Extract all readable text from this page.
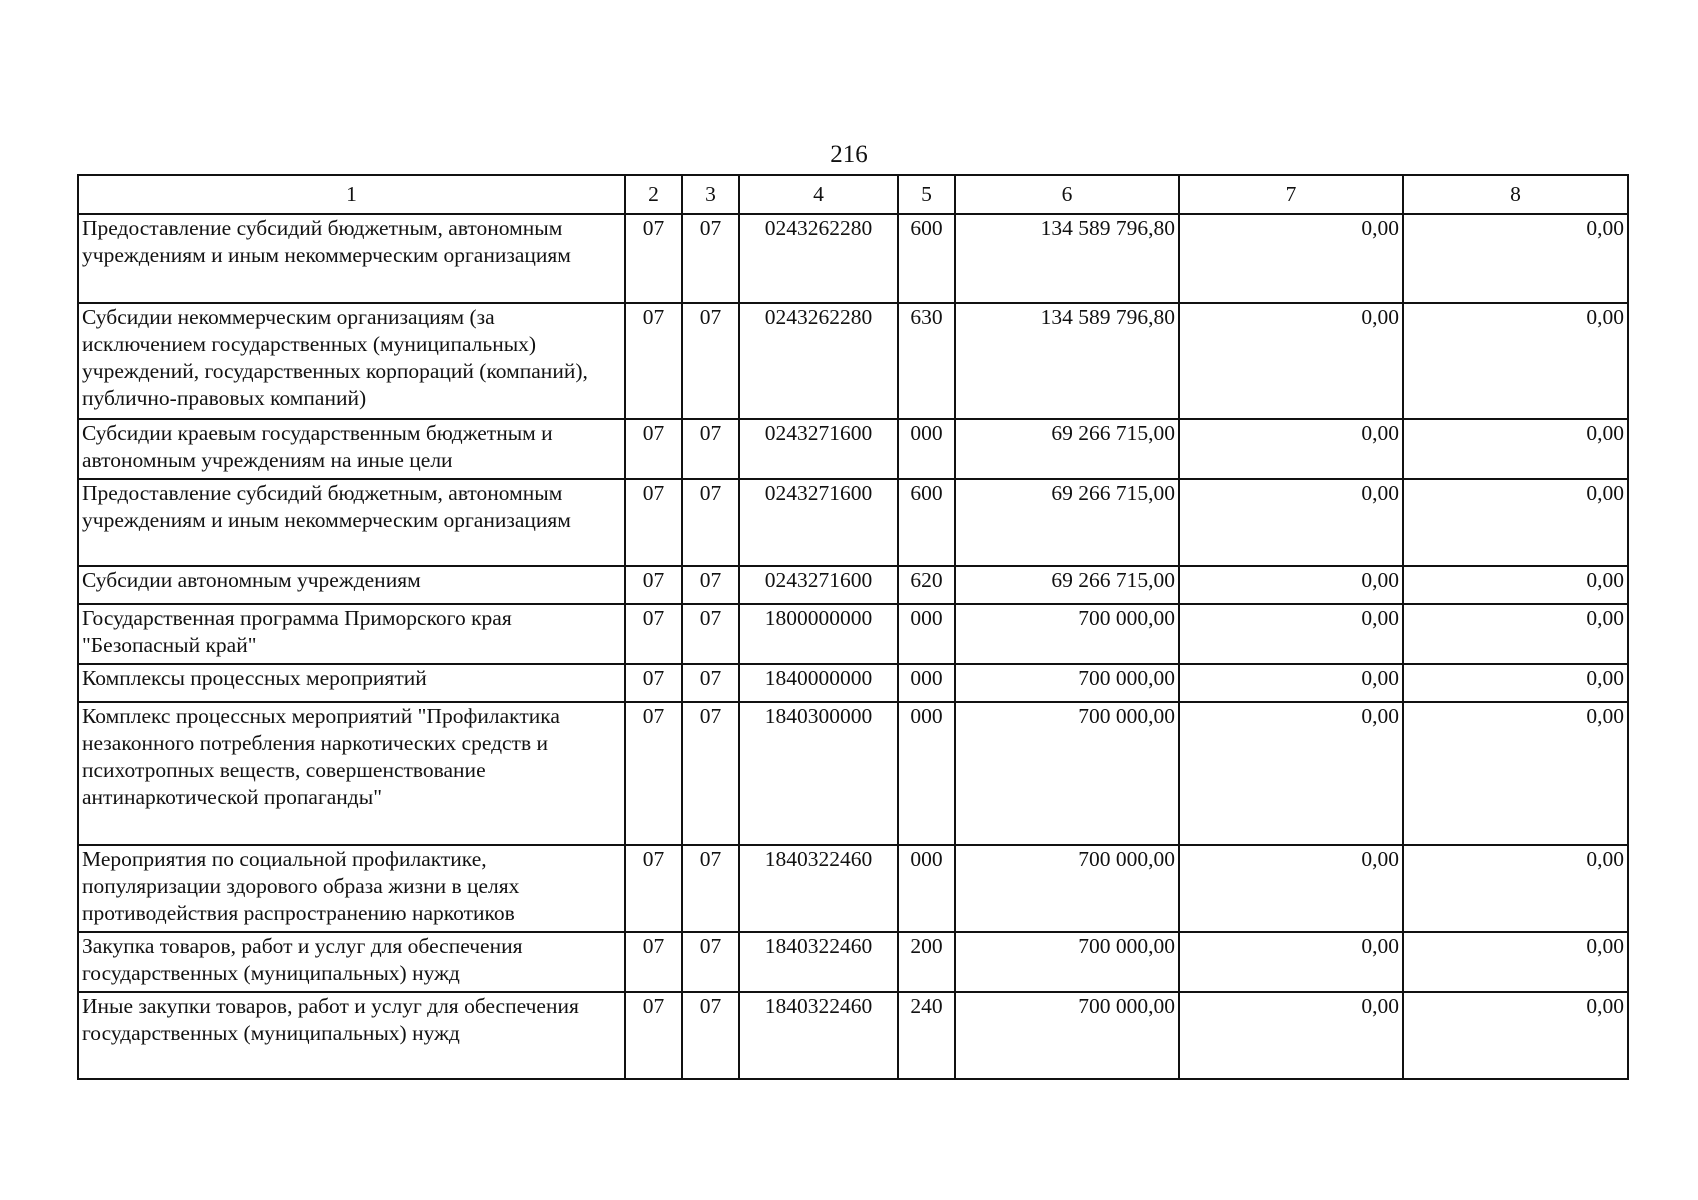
216
1	2	3	4	5	6	7	8
Предоставление субсидий бюджетным, автономным учреждениям и иным некоммерческим организациям	07	07	0243262280	600	134 589 796,80	0,00	0,00
Субсидии некоммерческим организациям (за исключением государственных (муниципальных) учреждений, государственных корпораций (компаний), публично-правовых компаний)	07	07	0243262280	630	134 589 796,80	0,00	0,00
Субсидии краевым государственным бюджетным и автономным учреждениям на иные цели	07	07	0243271600	000	69 266 715,00	0,00	0,00
Предоставление субсидий бюджетным, автономным учреждениям и иным некоммерческим организациям	07	07	0243271600	600	69 266 715,00	0,00	0,00
Субсидии автономным учреждениям	07	07	0243271600	620	69 266 715,00	0,00	0,00
Государственная программа Приморского края "Безопасный край"	07	07	1800000000	000	700 000,00	0,00	0,00
Комплексы процессных мероприятий	07	07	1840000000	000	700 000,00	0,00	0,00
Комплекс процессных мероприятий "Профилактика незаконного потребления наркотических средств и психотропных веществ, совершенствование антинаркотической пропаганды"	07	07	1840300000	000	700 000,00	0,00	0,00
Мероприятия по социальной профилактике, популяризации здорового образа жизни в целях противодействия распространению наркотиков	07	07	1840322460	000	700 000,00	0,00	0,00
Закупка товаров, работ и услуг для обеспечения государственных (муниципальных) нужд	07	07	1840322460	200	700 000,00	0,00	0,00
Иные закупки товаров, работ и услуг для обеспечения государственных (муниципальных) нужд	07	07	1840322460	240	700 000,00	0,00	0,00
